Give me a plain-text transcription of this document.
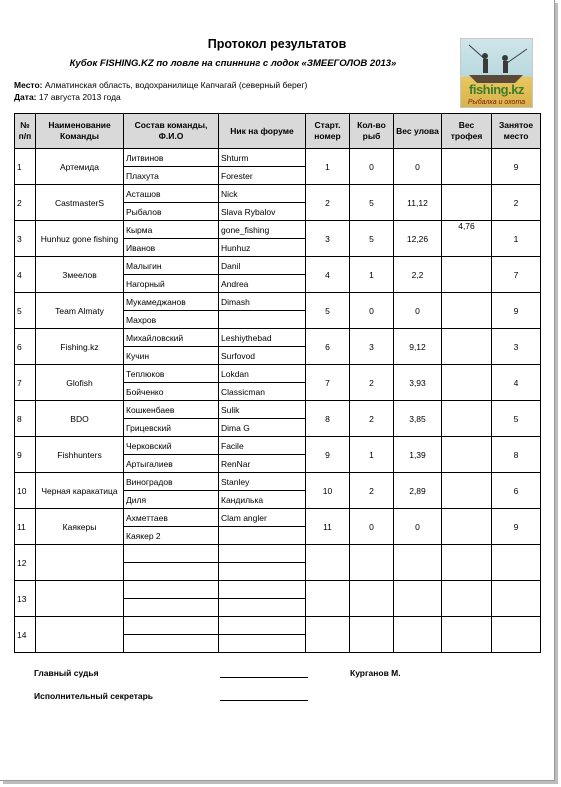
Протокол результатов
Кубок FISHING.KZ по ловле на спиннинг с лодок «ЗМЕЕГОЛОВ 2013»
fishing.kz
Рыбалка и охота
Место: Алматинская область, водохранилище Капчагай (северный берег)
Дата: 17 августа 2013 года
№ п/п	Наименование Команды	Состав команды, Ф.И.О	Ник на форуме	Старт. номер	Кол-во рыб	Вес улова	Вес трофея	Занятое место
1	Артемида	Литвинов	Shturm	1	0	0		9
		Плахута	Forester					
2	CastmasterS	Асташов	Nick	2	5	11,12		2
		Рыбалов	Slava Rybalov					
3	Hunhuz gone fishing	Кырма	gone_fishing	3	5	12,26	4,76	1
		Иванов	Hunhuz					
4	Змеелов	Малыгин	Danil	4	1	2,2		7
		Нагорный	Andrea					
5	Team Almaty	Мукамеджанов	Dimash	5	0	0		9
		Махров						
6	Fishing.kz	Михайловский	Leshiythebad	6	3	9,12		3
		Кучин	Surfovod					
7	Glofish	Теплюков	Lokdan	7	2	3,93		4
		Бойченко	Classicman					
8	BDO	Кошкенбаев	Sulik	8	2	3,85		5
		Грицевский	Dima G					
9	Fishhunters	Черковский	Facile	9	1	1,39		8
		Артыгалиев	RenNar					
10	Черная каракатица	Виноградов	Stanley	10	2	2,89		6
		Диля	Кандилька					
11	Каякеры	Ахметтаев	Clam angler	11	0	0		9
		Каякер 2						
12								

13								

14								

Главный судья	Курганов М.
Исполнительный секретарь
